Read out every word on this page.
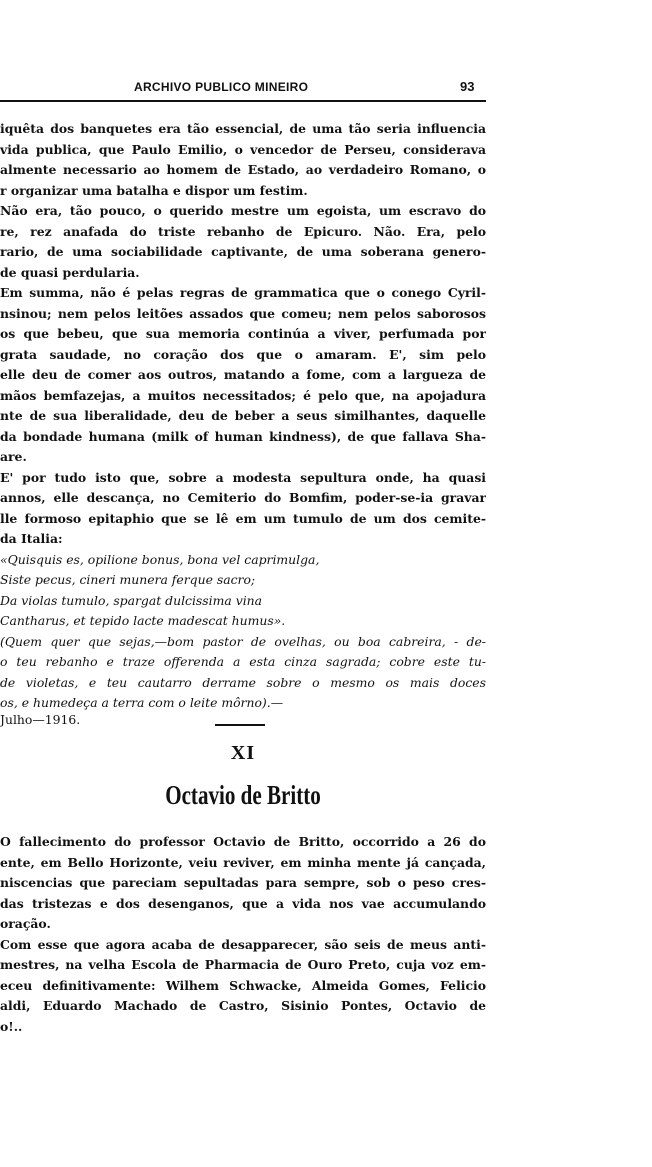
ARCHIVO PUBLICO MINEIRO	93
iquêta dos banquetes era tão essencial, de uma tão seria influencia
vida publica, que Paulo Emilio, o vencedor de Perseu, considerava
almente necessario ao homem de Estado, ao verdadeiro Romano, o
r organizar uma batalha e dispor um festim.
Não era, tão pouco, o querido mestre um egoista, um escravo do
re, rez anafada do triste rebanho de Epicuro. Não. Era, pelo
rario, de uma sociabilidade captivante, de uma soberana genero-
de quasi perdularia.
Em summa, não é pelas regras de grammatica que o conego Cyril-
nsinou; nem pelos leitões assados que comeu; nem pelos saborosos
os que bebeu, que sua memoria continúa a viver, perfumada por
grata saudade, no coração dos que o amaram. E', sim pelo
elle deu de comer aos outros, matando a fome, com a largueza de
mãos bemfazejas, a muitos necessitados; é pelo que, na apojadura
nte de sua liberalidade, deu de beber a seus similhantes, daquelle
da bondade humana (milk of human kindness), de que fallava Sha-
are.
E' por tudo isto que, sobre a modesta sepultura onde, ha quasi
annos, elle descança, no Cemiterio do Bomfim, poder-se-ia gravar
lle formoso epitaphio que se lê em um tumulo de um dos cemite-
da Italia:
«Quisquis es, opilione bonus, bona vel caprimulga,
Siste pecus, cineri munera ferque sacro;
Da violas tumulo, spargat dulcissima vina
Cantharus, et tepido lacte madescat humus».
(Quem quer que sejas,—bom pastor de ovelhas, ou boa cabreira, - de-
o teu rebanho e traze offerenda a esta cinza sagrada; cobre este tu-
de violetas, e teu cautarro derrame sobre o mesmo os mais doces
os, e humedeça a terra com o leite môrno).—
Julho—1916.
XI
Octavio de Britto
O fallecimento do professor Octavio de Britto, occorrido a 26 do
ente, em Bello Horizonte, veiu reviver, em minha mente já cançada,
niscencias que pareciam sepultadas para sempre, sob o peso cres-
das tristezas e dos desenganos, que a vida nos vae accumulando
oração.
Com esse que agora acaba de desapparecer, são seis de meus anti-
mestres, na velha Escola de Pharmacia de Ouro Preto, cuja voz em-
eceu definitivamente: Wilhem Schwacke, Almeida Gomes, Felicio
aldi, Eduardo Machado de Castro, Sisinio Pontes, Octavio de
o!..
